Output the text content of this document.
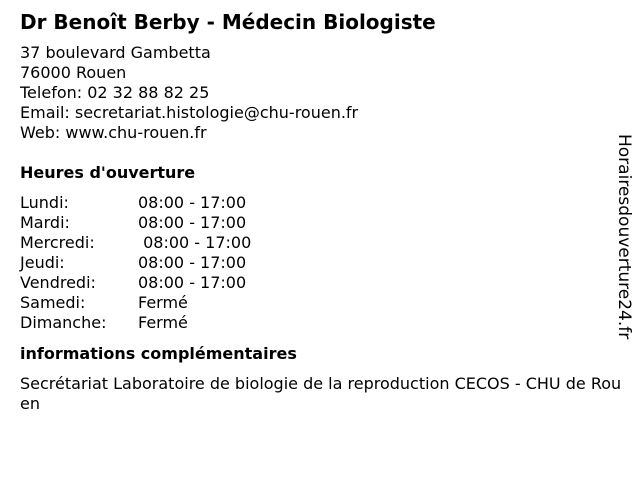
Dr Benoît Berby - Médecin Biologiste
37 boulevard Gambetta
76000 Rouen
Telefon: 02 32 88 82 25
Email: secretariat.histologie@chu-rouen.fr
Web: www.chu-rouen.fr
Heures d'ouverture
Lundi:	08:00 - 17:00
Mardi:	08:00 - 17:00
Mercredi:	08:00 - 17:00
Jeudi:	08:00 - 17:00
Vendredi:	08:00 - 17:00
Samedi:	Fermé
Dimanche:	Fermé
informations complémentaires
Secrétariat Laboratoire de biologie de la reproduction CECOS - CHU de Rouen
Horairesdouverture24.fr
